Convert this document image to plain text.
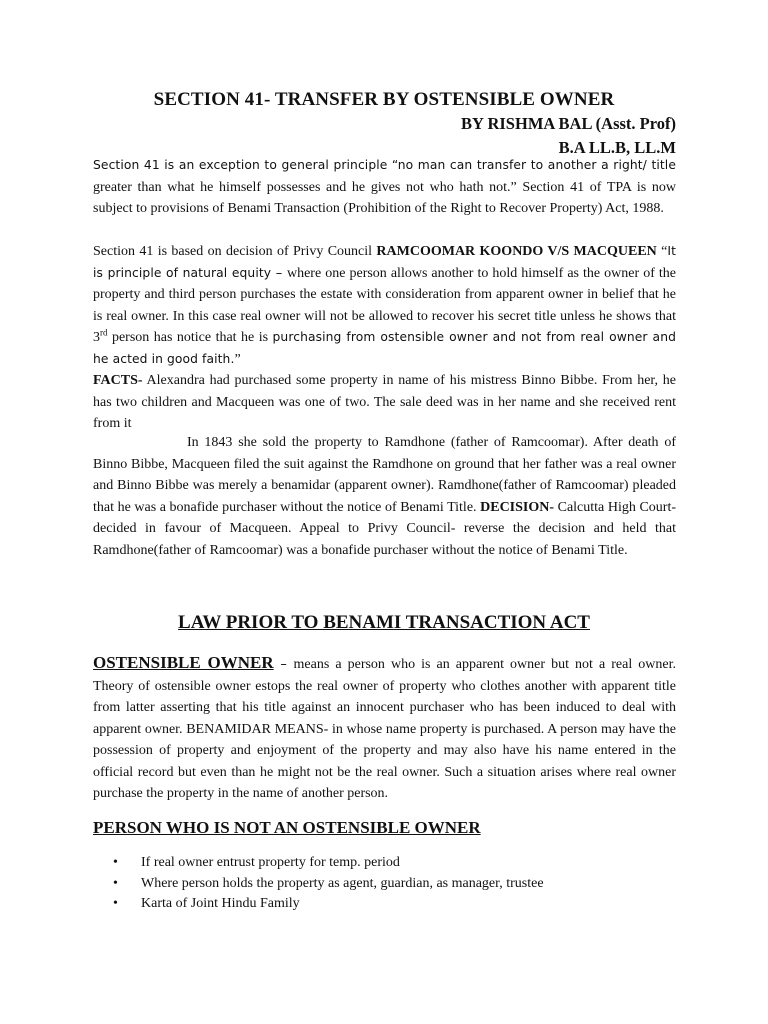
SECTION 41- TRANSFER BY OSTENSIBLE OWNER

BY RISHMA BAL (Asst. Prof)

B.A LL.B, LL.M

Section 41 is an exception to general principle “no man can transfer to another a right/ title greater than what he himself possesses and he gives not who hath not.” Section 41 of TPA is now subject to provisions of Benami Transaction (Prohibition of the Right to Recover Property) Act, 1988.

Section 41 is based on decision of Privy Council RAMCOOMAR KOONDO V/S MACQUEEN “It is principle of natural equity – where one person allows another to hold himself as the owner of the property and third person purchases the estate with consideration from apparent owner in belief that he is real owner. In this case real owner will not be allowed to recover his secret title unless he shows that 3rd person has notice that he is purchasing from ostensible owner and not from real owner and he acted in good faith.”
FACTS- Alexandra had purchased some property in name of his mistress Binno Bibbe. From her, he has two children and Macqueen was one of two. The sale deed was in her name and she received rent from it

In 1843 she sold the property to Ramdhone (father of Ramcoomar). After death of Binno Bibbe, Macqueen filed the suit against the Ramdhone on ground that her father was a real owner and Binno Bibbe was merely a benamidar (apparent owner). Ramdhone(father of Ramcoomar) pleaded that he was a bonafide purchaser without the notice of Benami Title. DECISION- Calcutta High Court- decided in favour of Macqueen. Appeal to Privy Council- reverse the decision and held that Ramdhone(father of Ramcoomar) was a bonafide purchaser without the notice of Benami Title.

LAW PRIOR TO BENAMI TRANSACTION ACT

OSTENSIBLE OWNER – means a person who is an apparent owner but not a real owner. Theory of ostensible owner estops the real owner of property who clothes another with apparent title from latter asserting that his title against an innocent purchaser who has been induced to deal with apparent owner. BENAMIDAR MEANS- in whose name property is purchased. A person may have the possession of property and enjoyment of the property and may also have his name entered in the official record but even than he might not be the real owner. Such a situation arises where real owner purchase the property in the name of another person.

PERSON WHO IS NOT AN OSTENSIBLE OWNER
• If real owner entrust property for temp. period
• Where person holds the property as agent, guardian, as manager, trustee
• Karta of Joint Hindu Family
